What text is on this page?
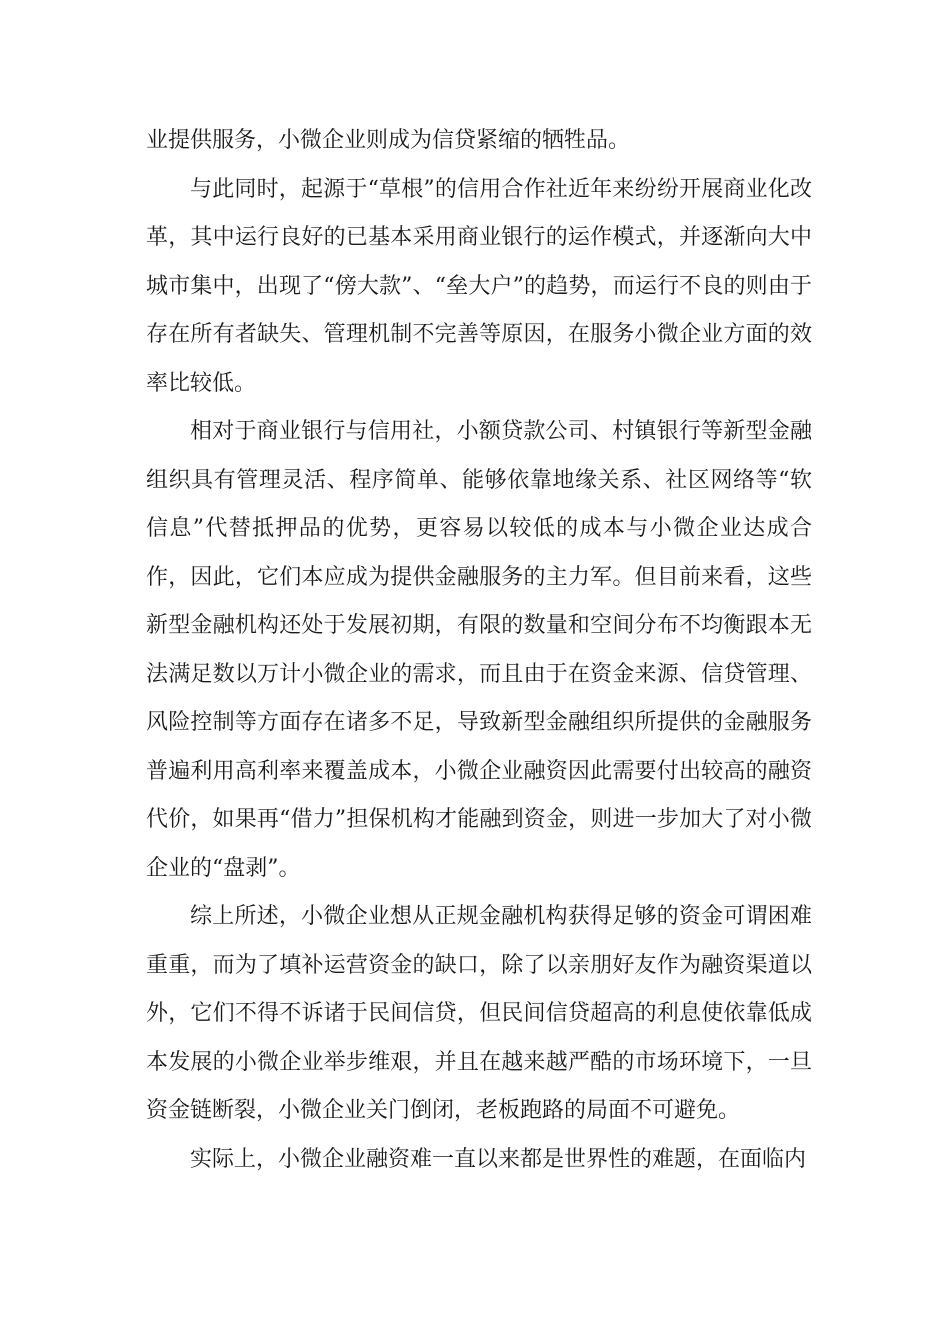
业提供服务，小微企业则成为信贷紧缩的牺牲品。

与此同时，起源于“草根”的信用合作社近年来纷纷开展商业化改革，其中运行良好的已基本采用商业银行的运作模式，并逐渐向大中城市集中，出现了“傍大款”、“垒大户”的趋势，而运行不良的则由于存在所有者缺失、管理机制不完善等原因，在服务小微企业方面的效率比较低。

相对于商业银行与信用社，小额贷款公司、村镇银行等新型金融组织具有管理灵活、程序简单、能够依靠地缘关系、社区网络等“软信息”代替抵押品的优势，更容易以较低的成本与小微企业达成合作，因此，它们本应成为提供金融服务的主力军。但目前来看，这些新型金融机构还处于发展初期，有限的数量和空间分布不均衡跟本无法满足数以万计小微企业的需求，而且由于在资金来源、信贷管理、风险控制等方面存在诸多不足，导致新型金融组织所提供的金融服务普遍利用高利率来覆盖成本，小微企业融资因此需要付出较高的融资代价，如果再“借力”担保机构才能融到资金，则进一步加大了对小微企业的“盘剥”。

综上所述，小微企业想从正规金融机构获得足够的资金可谓困难重重，而为了填补运营资金的缺口，除了以亲朋好友作为融资渠道以外，它们不得不诉诸于民间信贷，但民间信贷超高的利息使依靠低成本发展的小微企业举步维艰，并且在越来越严酷的市场环境下，一旦资金链断裂，小微企业关门倒闭，老板跑路的局面不可避免。

实际上，小微企业融资难一直以来都是世界性的难题，在面临内
